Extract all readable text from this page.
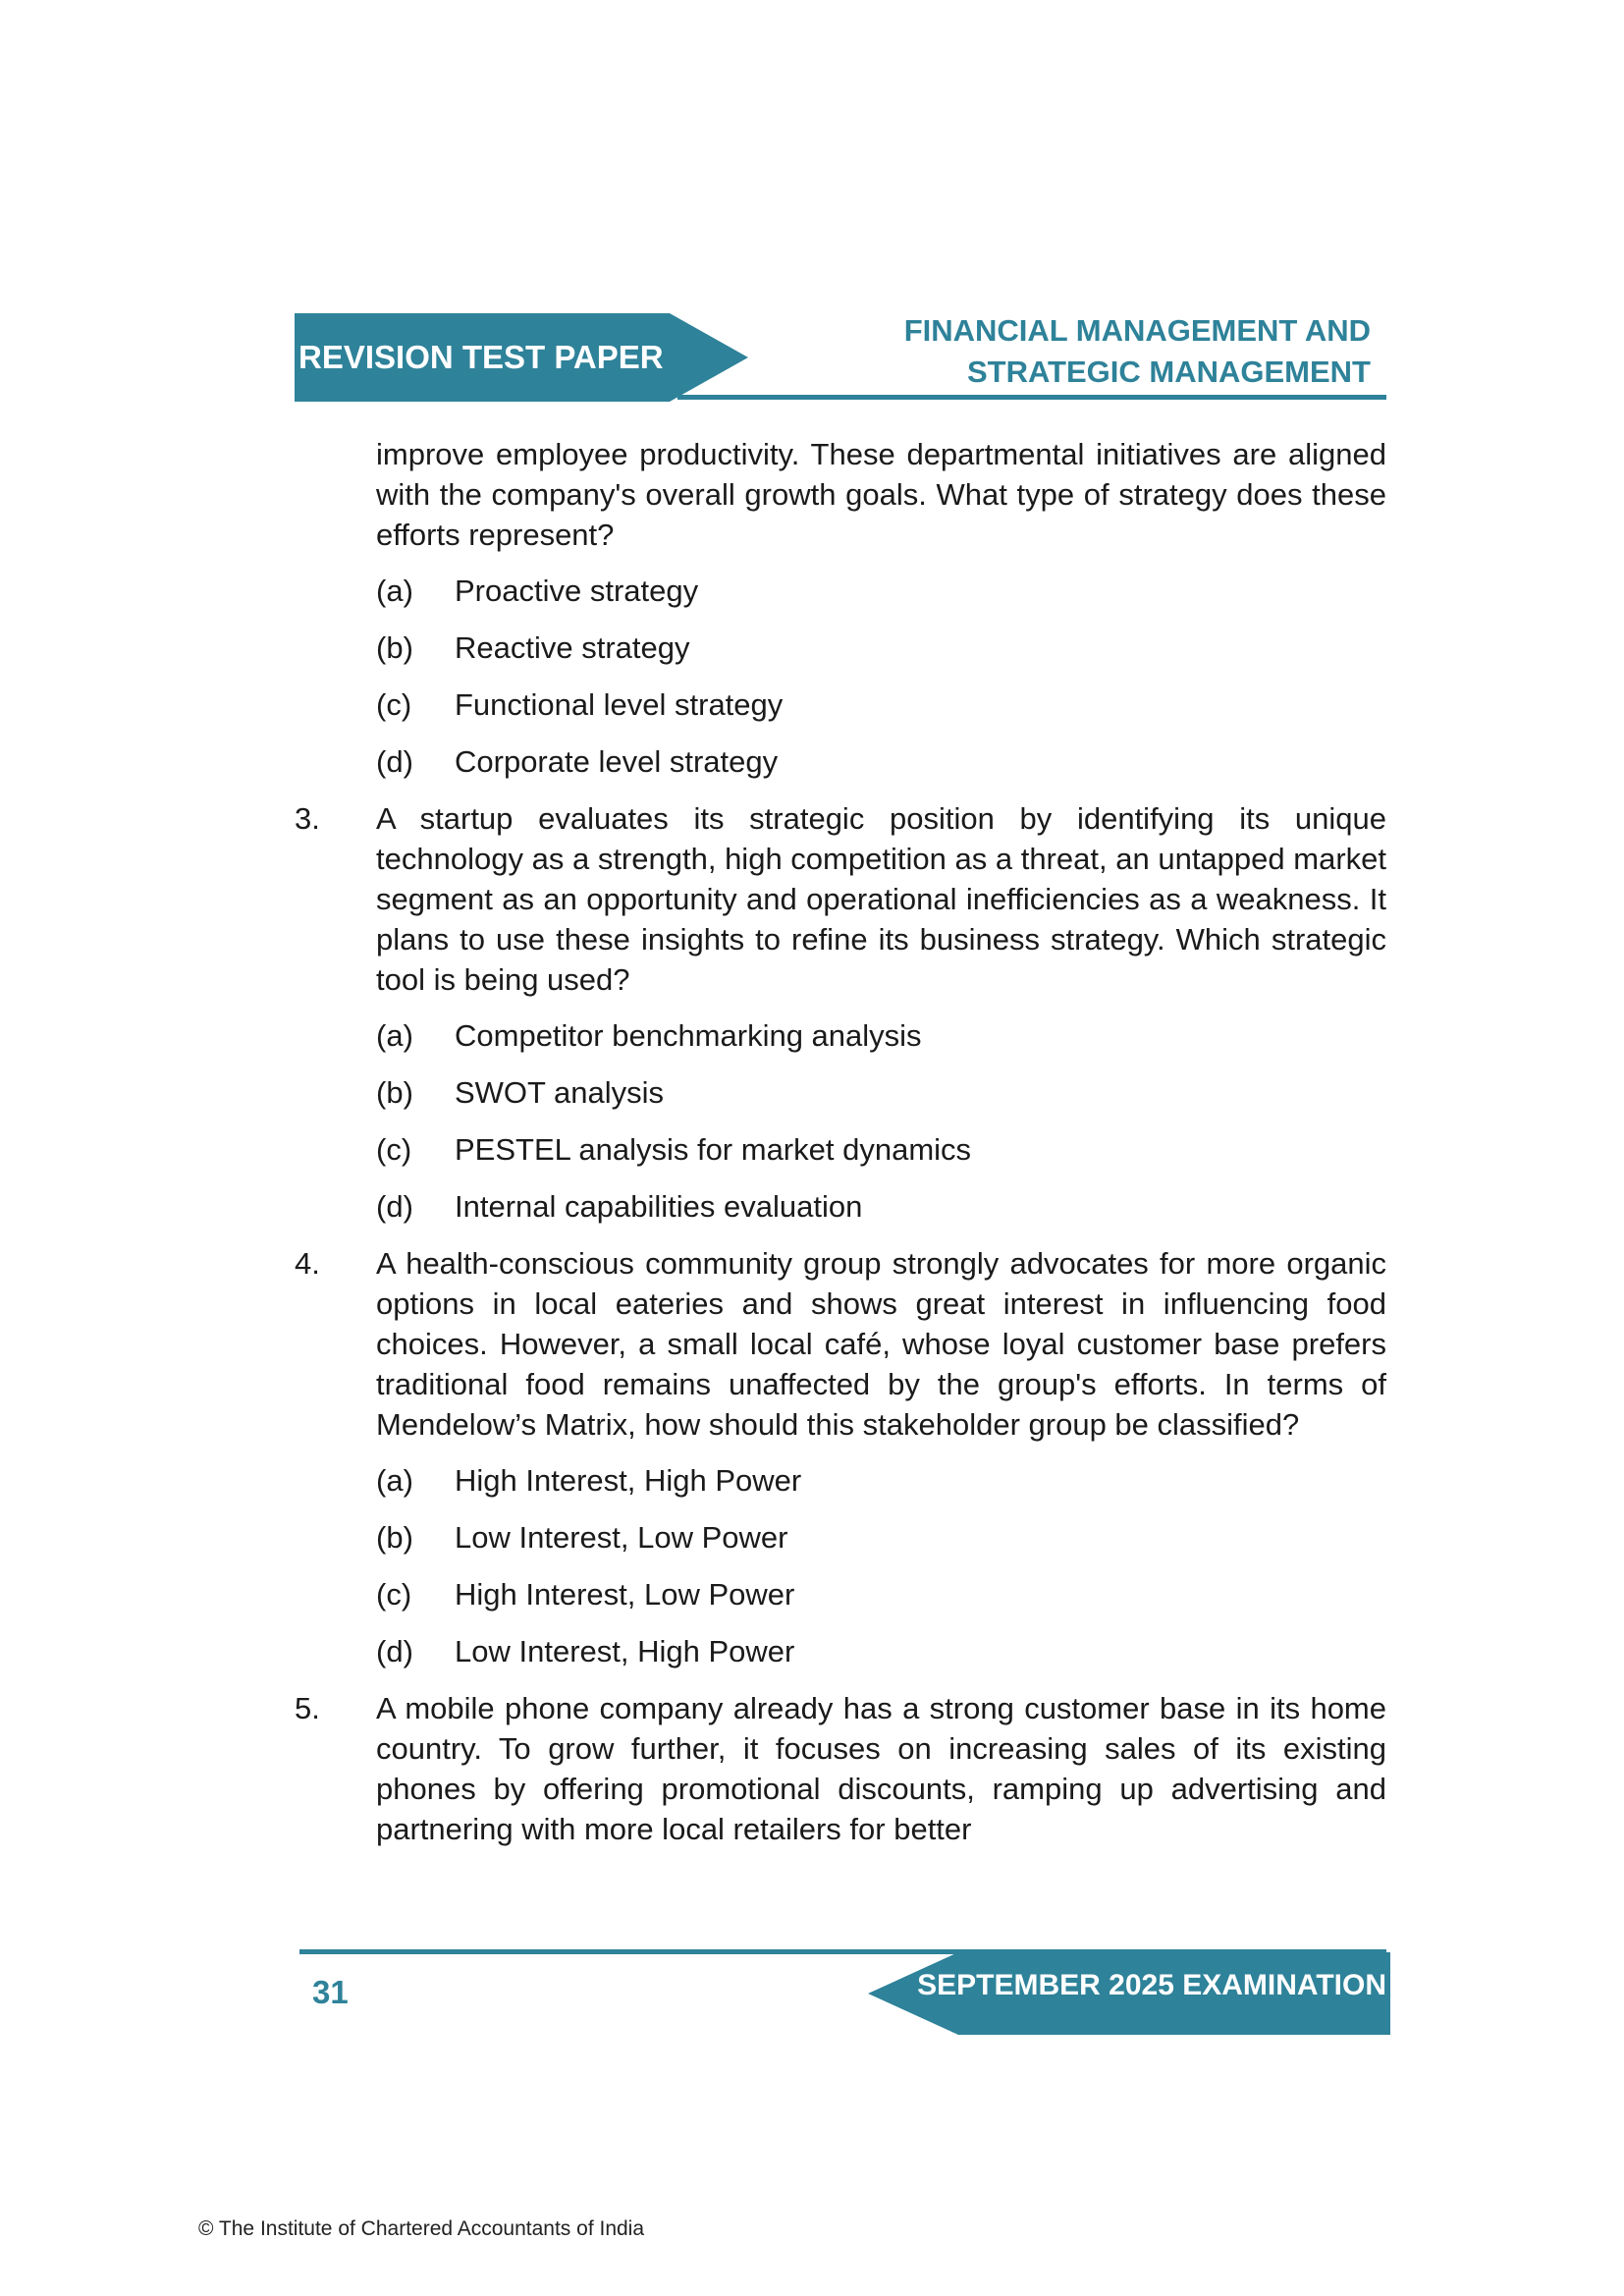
REVISION TEST PAPER
FINANCIAL MANAGEMENT AND
STRATEGIC MANAGEMENT

improve employee productivity. These departmental initiatives are aligned with the company's overall growth goals. What type of strategy does these efforts represent?

(a) Proactive strategy
(b) Reactive strategy
(c) Functional level strategy
(d) Corporate level strategy
3. A startup evaluates its strategic position by identifying its unique technology as a strength, high competition as a threat, an untapped market segment as an opportunity and operational inefficiencies as a weakness. It plans to use these insights to refine its business strategy. Which strategic tool is being used?
(a) Competitor benchmarking analysis
(b) SWOT analysis
(c) PESTEL analysis for market dynamics
(d) Internal capabilities evaluation
4. A health-conscious community group strongly advocates for more organic options in local eateries and shows great interest in influencing food choices. However, a small local café, whose loyal customer base prefers traditional food remains unaffected by the group's efforts. In terms of Mendelow’s Matrix, how should this stakeholder group be classified?
(a) High Interest, High Power
(b) Low Interest, Low Power
(c) High Interest, Low Power
(d) Low Interest, High Power
5. A mobile phone company already has a strong customer base in its home country. To grow further, it focuses on increasing sales of its existing phones by offering promotional discounts, ramping up advertising and partnering with more local retailers for better
31	SEPTEMBER 2025 EXAMINATION
© The Institute of Chartered Accountants of India
